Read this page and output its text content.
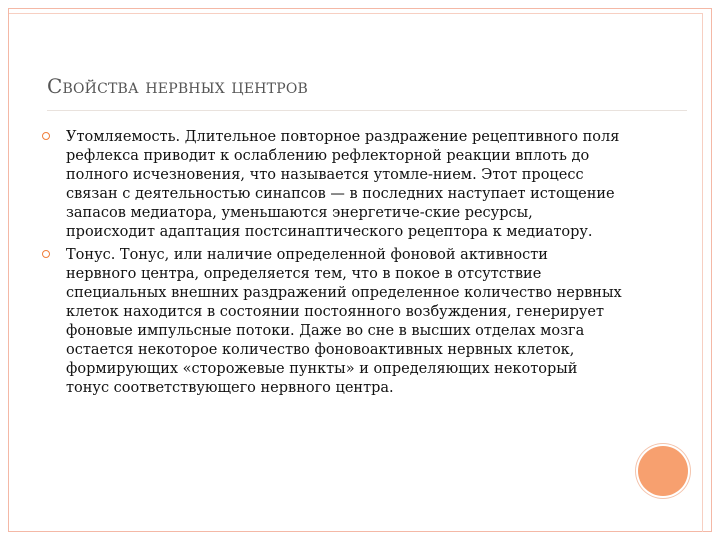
Свойства нервных центров
Утомляемость. Длительное повторное раздражение рецептивного поля рефлекса приводит к ослаблению рефлекторной реакции вплоть до полного исчезновения, что называется утомле-нием. Этот процесс связан с деятельностью синапсов — в последних наступает истощение запасов медиатора, уменьшаются энергетиче-ские ресурсы, происходит адаптация постсинаптического рецептора к медиатору.
Тонус. Тонус, или наличие определенной фоновой активности нервного центра, определяется тем, что в покое в отсутствие специальных внешних раздражений определенное количество нервных клеток находится в состоянии постоянного возбуждения, генерирует фоновые импульсные потоки. Даже во сне в высших отделах мозга остается некоторое количество фоновоактивных нервных клеток, формирующих «сторожевые пункты» и определяющих некоторый тонус соответствующего нервного центра.
